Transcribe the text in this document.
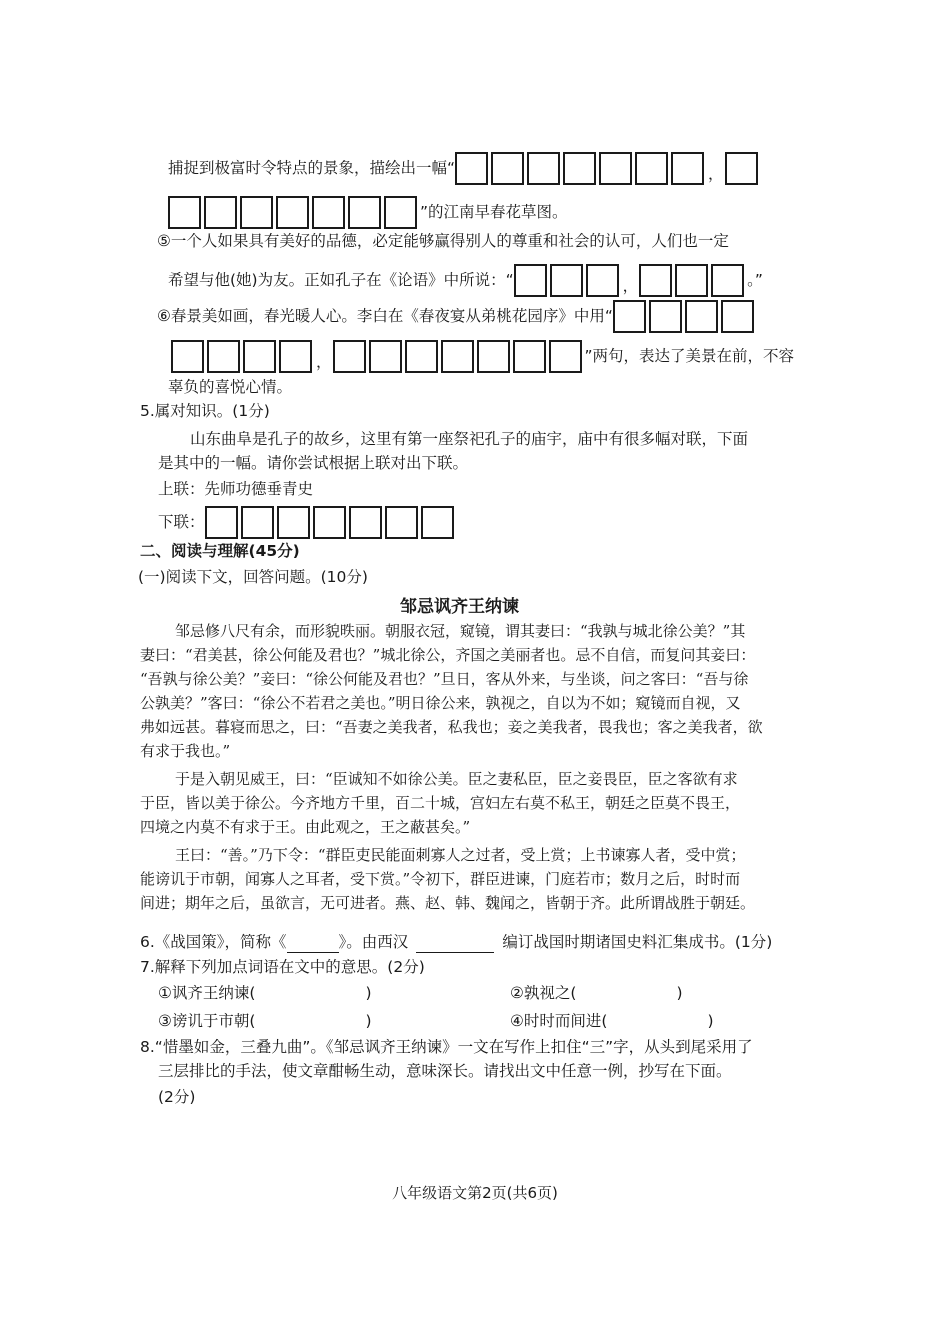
捕捉到极富时令特点的景象，描绘出一幅“	，
”的江南早春花草图。
⑤一个人如果具有美好的品德，必定能够赢得别人的尊重和社会的认可，人们也一定
希望与他(她)为友。正如孔子在《论语》中所说：“	，	。”
⑥春景美如画，春光暖人心。李白在《春夜宴从弟桃花园序》中用“
，	”两句，表达了美景在前，不容
辜负的喜悦心情。
5.属对知识。(1分)
山东曲阜是孔子的故乡，这里有第一座祭祀孔子的庙宇，庙中有很多幅对联，下面
是其中的一幅。请你尝试根据上联对出下联。
上联：先师功德垂青史
下联：
二、阅读与理解(45分)
(一)阅读下文，回答问题。(10分)
邹忌讽齐王纳谏
邹忌修八尺有余，而形貌昳丽。朝服衣冠，窥镜，谓其妻曰：“我孰与城北徐公美？”其
妻曰：“君美甚，徐公何能及君也？”城北徐公，齐国之美丽者也。忌不自信，而复问其妾曰：
“吾孰与徐公美？”妾曰：“徐公何能及君也？”旦日，客从外来，与坐谈，问之客曰：“吾与徐
公孰美？”客曰：“徐公不若君之美也。”明日徐公来，孰视之，自以为不如；窥镜而自视，又
弗如远甚。暮寝而思之，曰：“吾妻之美我者，私我也；妾之美我者，畏我也；客之美我者，欲
有求于我也。”
于是入朝见威王，曰：“臣诚知不如徐公美。臣之妻私臣，臣之妾畏臣，臣之客欲有求
于臣，皆以美于徐公。今齐地方千里，百二十城，宫妇左右莫不私王，朝廷之臣莫不畏王，
四境之内莫不有求于王。由此观之，王之蔽甚矣。”
王曰：“善。”乃下令：“群臣吏民能面刺寡人之过者，受上赏；上书谏寡人者，受中赏；
能谤讥于市朝，闻寡人之耳者，受下赏。”令初下，群臣进谏，门庭若市；数月之后，时时而
间进；期年之后，虽欲言，无可进者。燕、赵、韩、魏闻之，皆朝于齐。此所谓战胜于朝廷。
6.《战国策》，简称《	》。由西汉	编订战国时期诸国史料汇集成书。(1分)
7.解释下列加点词语在文中的意思。(2分)
①讽齐王纳谏(	)	②孰视之(	)
③谤讥于市朝(	)	④时时而间进(	)
8.“惜墨如金，三叠九曲”。《邹忌讽齐王纳谏》一文在写作上扣住“三”字，从头到尾采用了
三层排比的手法，使文章酣畅生动，意味深长。请找出文中任意一例，抄写在下面。
(2分)
八年级语文第2页(共6页)
